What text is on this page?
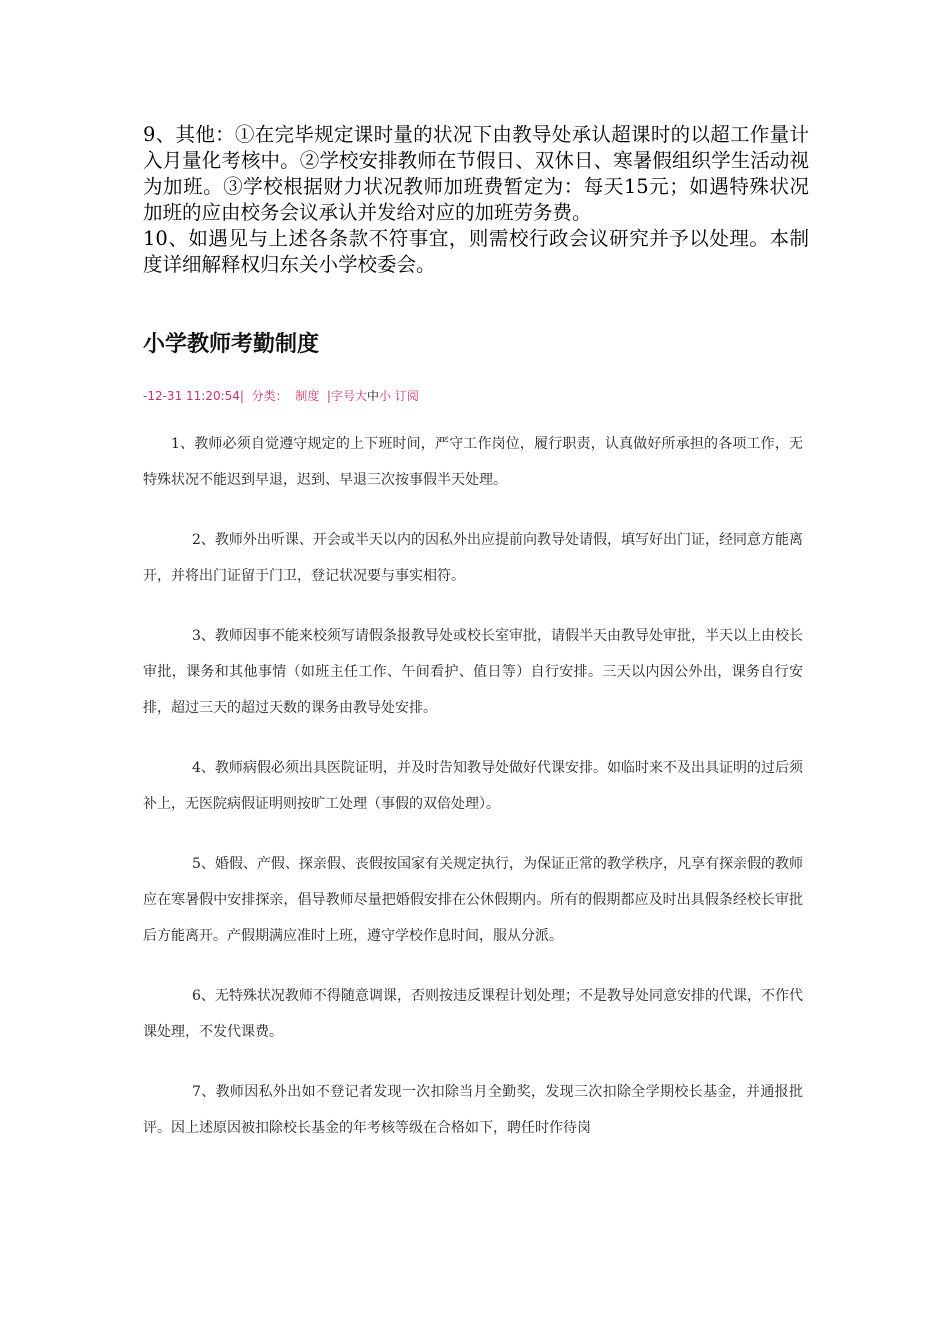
9、其他：①在完毕规定课时量的状况下由教导处承认超课时的以超工作量计入月量化考核中。②学校安排教师在节假日、双休日、寒暑假组织学生活动视为加班。③学校根据财力状况教师加班费暂定为：每天15元；如遇特殊状况加班的应由校务会议承认并发给对应的加班劳务费。

10、如遇见与上述各条款不符事宜，则需校行政会议研究并予以处理。本制度详细解释权归东关小学校委会。

小学教师考勤制度
-12-31 11:20:54| 分类： 制度 |字号大中小 订阅

1、教师必须自觉遵守规定的上下班时间，严守工作岗位，履行职责，认真做好所承担的各项工作，无特殊状况不能迟到早退，迟到、早退三次按事假半天处理。

2、教师外出听课、开会或半天以内的因私外出应提前向教导处请假，填写好出门证，经同意方能离开，并将出门证留于门卫，登记状况要与事实相符。

3、教师因事不能来校须写请假条报教导处或校长室审批，请假半天由教导处审批，半天以上由校长审批，课务和其他事情（如班主任工作、午间看护、值日等）自行安排。三天以内因公外出，课务自行安排，超过三天的超过天数的课务由教导处安排。

4、教师病假必须出具医院证明，并及时告知教导处做好代课安排。如临时来不及出具证明的过后须补上，无医院病假证明则按旷工处理（事假的双倍处理）。

5、婚假、产假、探亲假、丧假按国家有关规定执行，为保证正常的教学秩序，凡享有探亲假的教师应在寒暑假中安排探亲，倡导教师尽量把婚假安排在公休假期内。所有的假期都应及时出具假条经校长审批后方能离开。产假期满应准时上班，遵守学校作息时间，服从分派。

6、无特殊状况教师不得随意调课，否则按违反课程计划处理；不是教导处同意安排的代课，不作代课处理，不发代课费。

7、教师因私外出如不登记者发现一次扣除当月全勤奖，发现三次扣除全学期校长基金，并通报批评。因上述原因被扣除校长基金的年考核等级在合格如下，聘任时作待岗
